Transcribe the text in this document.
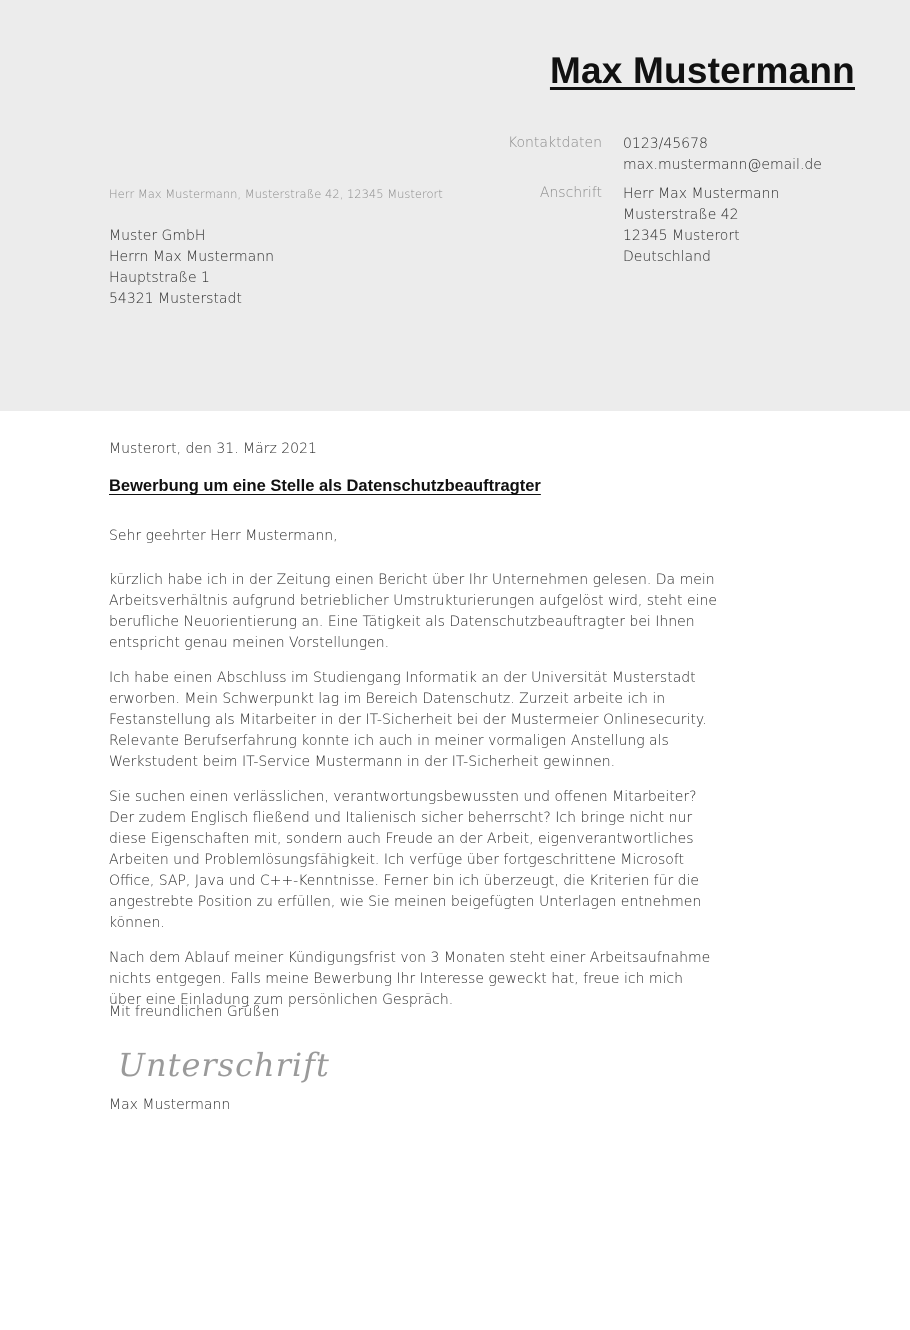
Max Mustermann
Kontaktdaten 0123/45678
max.mustermann@email.de
Anschrift Herr Max Mustermann
Musterstraße 42
12345 Musterort
Deutschland
Herr Max Mustermann, Musterstraße 42, 12345 Musterort
Muster GmbH
Herrn Max Mustermann
Hauptstraße 1
54321 Musterstadt
Musterort, den 31. März 2021
Bewerbung um eine Stelle als Datenschutzbeauftragter
Sehr geehrter Herr Mustermann,

kürzlich habe ich in der Zeitung einen Bericht über Ihr Unternehmen gelesen. Da mein Arbeitsverhältnis aufgrund betrieblicher Umstrukturierungen aufgelöst wird, steht eine berufliche Neuorientierung an. Eine Tätigkeit als Datenschutzbeauftragter bei Ihnen entspricht genau meinen Vorstellungen.

Ich habe einen Abschluss im Studiengang Informatik an der Universität Musterstadt erworben. Mein Schwerpunkt lag im Bereich Datenschutz. Zurzeit arbeite ich in Festanstellung als Mitarbeiter in der IT-Sicherheit bei der Mustermeier Onlinesecurity. Relevante Berufserfahrung konnte ich auch in meiner vormaligen Anstellung als Werkstudent beim IT-Service Mustermann in der IT-Sicherheit gewinnen.

Sie suchen einen verlässlichen, verantwortungsbewussten und offenen Mitarbeiter? Der zudem Englisch fließend und Italienisch sicher beherrscht? Ich bringe nicht nur diese Eigenschaften mit, sondern auch Freude an der Arbeit, eigenverantwortliches Arbeiten und Problemlösungsfähigkeit. Ich verfüge über fortgeschrittene Microsoft Office, SAP, Java und C++-Kenntnisse. Ferner bin ich überzeugt, die Kriterien für die angestrebte Position zu erfüllen, wie Sie meinen beigefügten Unterlagen entnehmen können.

Nach dem Ablauf meiner Kündigungsfrist von 3 Monaten steht einer Arbeitsaufnahme nichts entgegen. Falls meine Bewerbung Ihr Interesse geweckt hat, freue ich mich über eine Einladung zum persönlichen Gespräch.

Mit freundlichen Grüßen
Unterschrift
Max Mustermann
